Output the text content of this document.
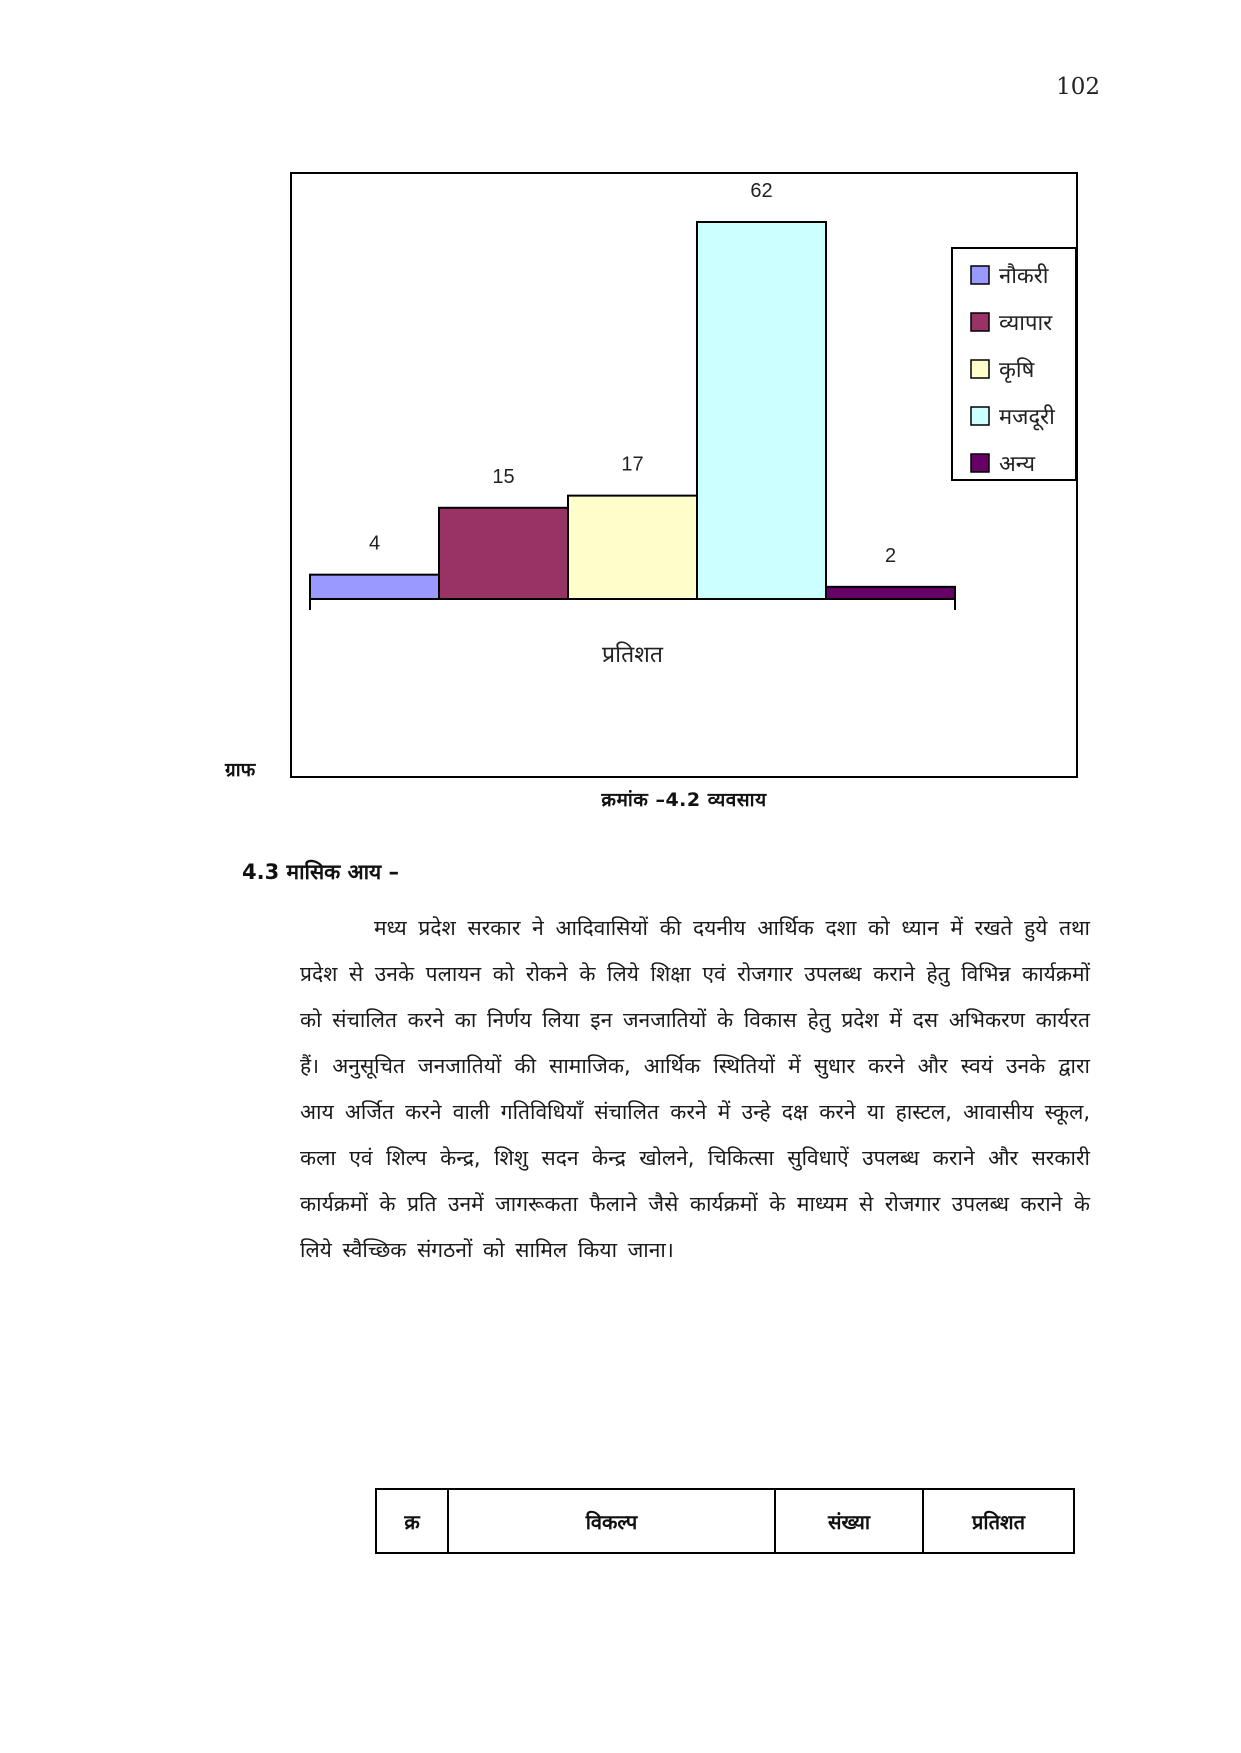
102
4
15
17
62
2
प्रतिशत
नौकरी
व्यापार
कृषि
मजदूरी
अन्य
ग्राफ
क्रमांक –4.2 व्यवसाय
4.3 मासिक आय –

मध्य प्रदेश सरकार ने आदिवासियों की दयनीय आर्थिक दशा को ध्यान में रखते हुये तथा प्रदेश से उनके पलायन को रोकने के लिये शिक्षा एवं रोजगार उपलब्ध कराने हेतु विभिन्न कार्यक्रमों को संचालित करने का निर्णय लिया इन जनजातियों के विकास हेतु प्रदेश में दस अभिकरण कार्यरत हैं। अनुसूचित जनजातियों की सामाजिक, आर्थिक स्थितियों में सुधार करने और स्वयं उनके द्वारा आय अर्जित करने वाली गतिविधियाँ संचालित करने में उन्हे दक्ष करने या हास्टल, आवासीय स्कूल, कला एवं शिल्प केन्द्र, शिशु सदन केन्द्र खोलने, चिकित्सा सुविधाऐं उपलब्ध कराने और सरकारी कार्यक्रमों के प्रति उनमें जागरूकता फैलाने जैसे कार्यक्रमों के माध्यम से रोजगार उपलब्ध कराने के लिये स्वैच्छिक संगठनों को सामिल किया जाना।

क्र	विकल्प	संख्या	प्रतिशत
